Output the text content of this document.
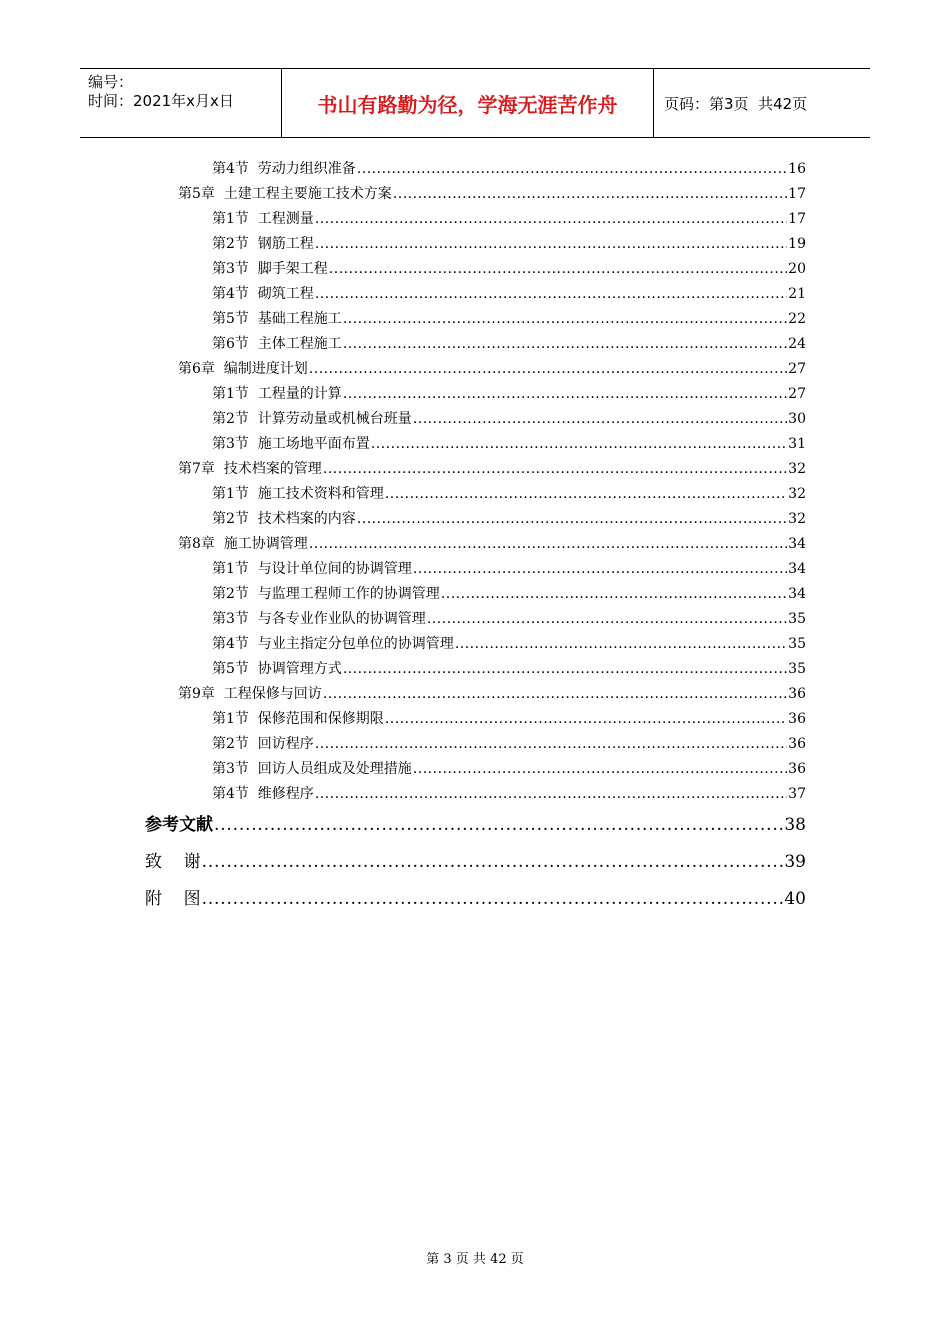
编号：
时间：2021年x月x日	书山有路勤为径，学海无涯苦作舟	页码：第3页  共42页
第4节  劳动力组织准备 .....	16
第5章  土建工程主要施工技术方案 .....	17
第1节  工程测量 .....	17
第2节  钢筋工程 .....	19
第3节  脚手架工程 .....	20
第4节  砌筑工程 .....	21
第5节  基础工程施工 .....	22
第6节  主体工程施工 .....	24
第6章  编制进度计划 .....	27
第1节  工程量的计算 .....	27
第2节  计算劳动量或机械台班量 .....	30
第3节  施工场地平面布置 .....	31
第7章  技术档案的管理 .....	32
第1节  施工技术资料和管理 .....	32
第2节  技术档案的内容 .....	32
第8章  施工协调管理 .....	34
第1节  与设计单位间的协调管理 .....	34
第2节  与监理工程师工作的协调管理 .....	34
第3节  与各专业作业队的协调管理 .....	35
第4节  与业主指定分包单位的协调管理 .....	35
第5节  协调管理方式 .....	35
第9章  工程保修与回访 .....	36
第1节  保修范围和保修期限 .....	36
第2节  回访程序 .....	36
第3节  回访人员组成及处理措施 .....	36
第4节  维修程序 .....	37
参考文献 .....	38
致    谢 .....	39
附    图 .....	40
第 3 页 共 42 页
